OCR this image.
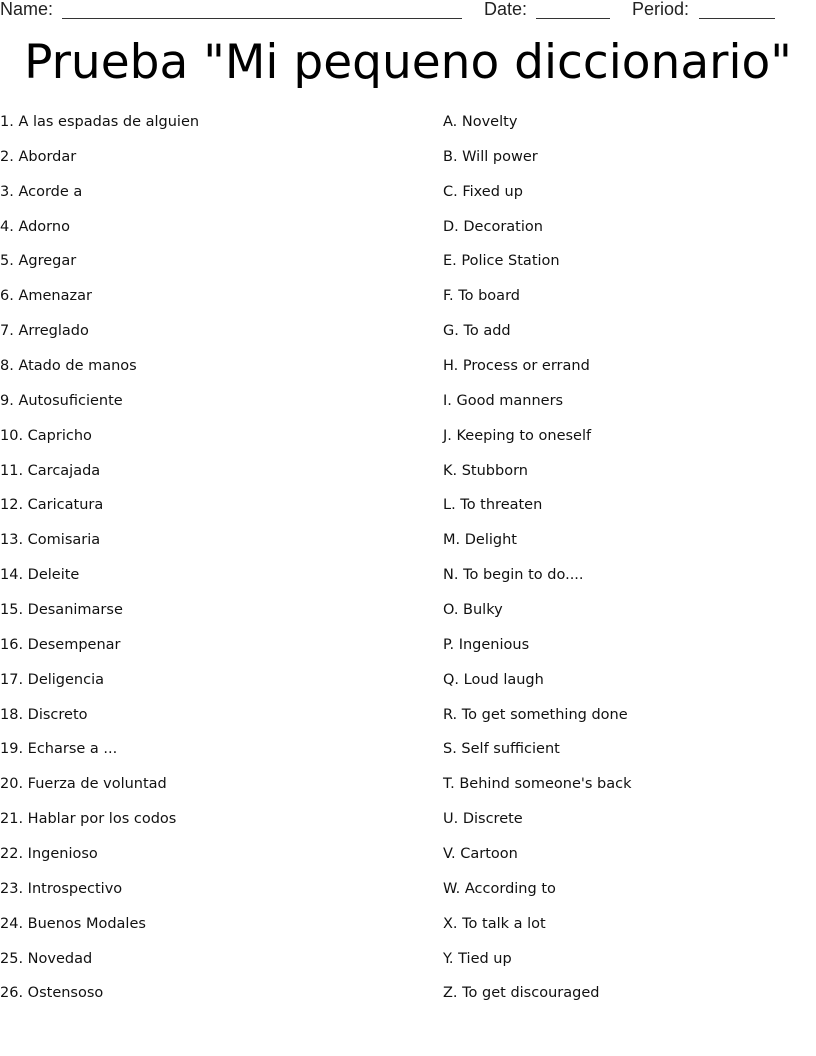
Name:	Date:	Period:
Prueba "Mi pequeno diccionario"
1. A las espadas de alguien
2. Abordar
3. Acorde a
4. Adorno
5. Agregar
6. Amenazar
7. Arreglado
8. Atado de manos
9. Autosuficiente
10. Capricho
11. Carcajada
12. Caricatura
13. Comisaria
14. Deleite
15. Desanimarse
16. Desempenar
17. Deligencia
18. Discreto
19. Echarse a ...
20. Fuerza de voluntad
21. Hablar por los codos
22. Ingenioso
23. Introspectivo
24. Buenos Modales
25. Novedad
26. Ostensoso
A. Novelty
B. Will power
C. Fixed up
D. Decoration
E. Police Station
F. To board
G. To add
H. Process or errand
I. Good manners
J. Keeping to oneself
K. Stubborn
L. To threaten
M. Delight
N. To begin to do....
O. Bulky
P. Ingenious
Q. Loud laugh
R. To get something done
S. Self sufficient
T. Behind someone's back
U. Discrete
V. Cartoon
W. According to
X. To talk a lot
Y. Tied up
Z. To get discouraged
